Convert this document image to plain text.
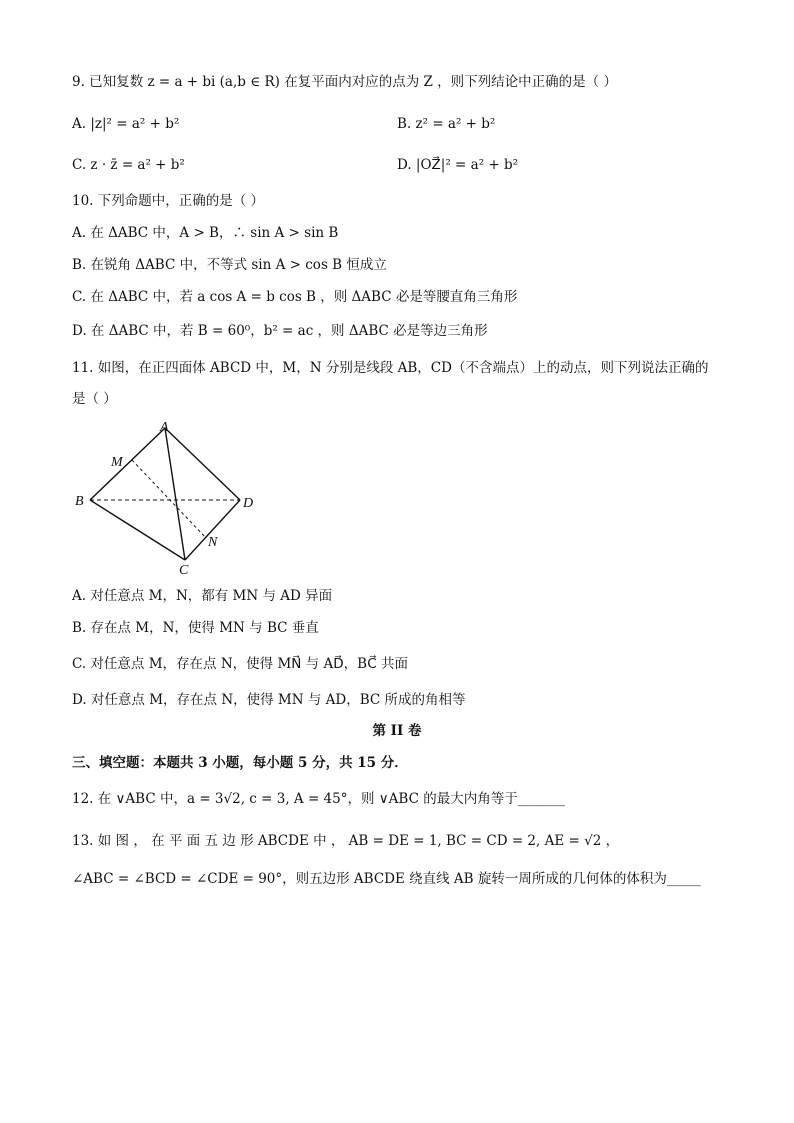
9. 已知复数 z = a + bi (a,b ∈ R) 在复平面内对应的点为 Z ，则下列结论中正确的是（ ）
A. |z|² = a² + b²	B. z² = a² + b²
C. z · z̄ = a² + b²	D. |OZ⃗|² = a² + b²
10. 下列命题中，正确的是（ ）
A. 在 ΔABC 中，A > B，∴ sin A > sin B
B. 在锐角 ΔABC 中，不等式 sin A > cos B 恒成立
C. 在 ΔABC 中，若 a cos A = b cos B ，则 ΔABC 必是等腰直角三角形
D. 在 ΔABC 中，若 B = 60⁰，b² = ac ，则 ΔABC 必是等边三角形
11. 如图，在正四面体 ABCD 中，M，N 分别是线段 AB，CD（不含端点）上的动点，则下列说法正确的
是（ ）
A
M
B	D
N
C
A. 对任意点 M，N，都有 MN 与 AD 异面
B. 存在点 M，N，使得 MN 与 BC 垂直
C. 对任意点 M，存在点 N，使得 MN⃗ 与 AD⃗，BC⃗ 共面
D. 对任意点 M，存在点 N，使得 MN 与 AD，BC 所成的角相等
第 II 卷
三、填空题：本题共 3 小题，每小题 5 分，共 15 分．
12. 在 ∨ABC 中，a = 3√2, c = 3, A = 45°，则 ∨ABC 的最大内角等于_______
13. 如 图 ， 在 平 面 五 边 形 ABCDE 中 ， AB = DE = 1, BC = CD = 2, AE = √2 ，
∠ABC = ∠BCD = ∠CDE = 90°，则五边形 ABCDE 绕直线 AB 旋转一周所成的几何体的体积为_____
